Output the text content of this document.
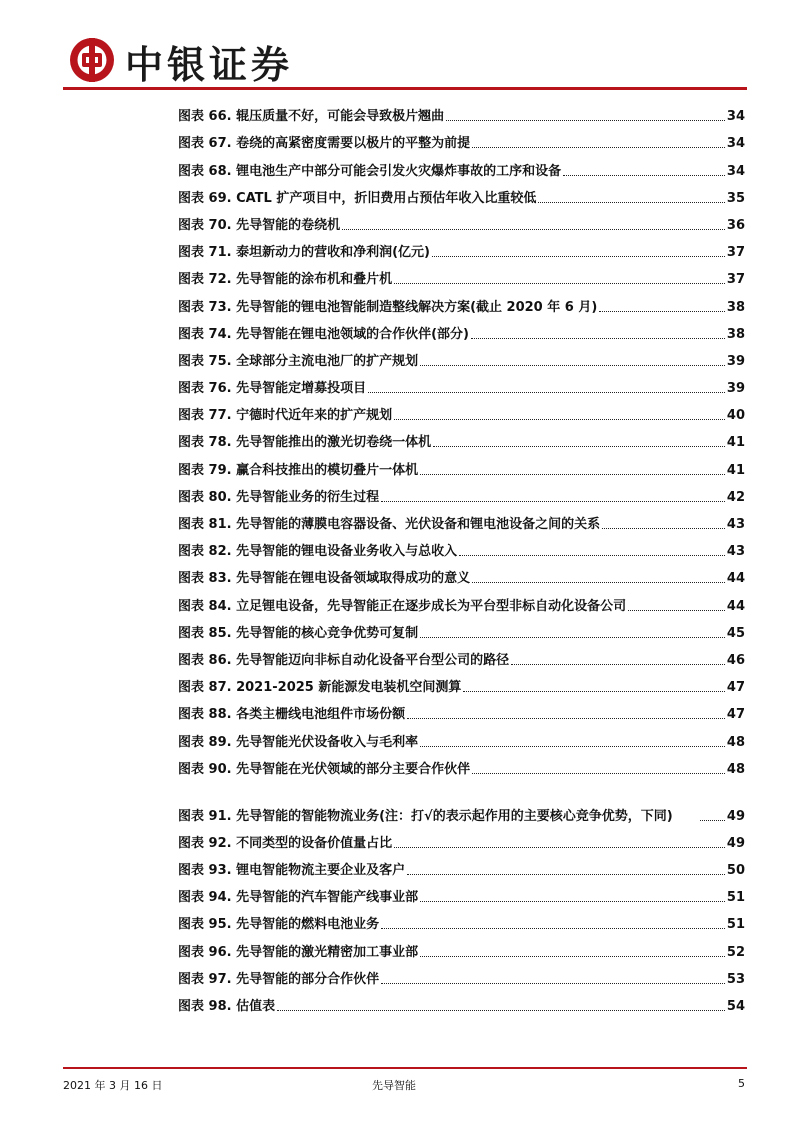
中银证券
图表 66. 辊压质量不好，可能会导致极片翘曲	34
图表 67. 卷绕的高紧密度需要以极片的平整为前提	34
图表 68. 锂电池生产中部分可能会引发火灾爆炸事故的工序和设备	34
图表 69. CATL 扩产项目中，折旧费用占预估年收入比重较低	35
图表 70. 先导智能的卷绕机	36
图表 71. 泰坦新动力的营收和净利润(亿元)	37
图表 72. 先导智能的涂布机和叠片机	37
图表 73. 先导智能的锂电池智能制造整线解决方案(截止 2020 年 6 月)	38
图表 74. 先导智能在锂电池领域的合作伙伴(部分)	38
图表 75. 全球部分主流电池厂的扩产规划	39
图表 76. 先导智能定增募投项目	39
图表 77. 宁德时代近年来的扩产规划	40
图表 78. 先导智能推出的激光切卷绕一体机	41
图表 79. 赢合科技推出的模切叠片一体机	41
图表 80. 先导智能业务的衍生过程	42
图表 81. 先导智能的薄膜电容器设备、光伏设备和锂电池设备之间的关系	43
图表 82. 先导智能的锂电设备业务收入与总收入	43
图表 83. 先导智能在锂电设备领域取得成功的意义	44
图表 84. 立足锂电设备，先导智能正在逐步成长为平台型非标自动化设备公司	44
图表 85. 先导智能的核心竞争优势可复制	45
图表 86. 先导智能迈向非标自动化设备平台型公司的路径	46
图表 87. 2021-2025 新能源发电装机空间测算	47
图表 88. 各类主栅线电池组件市场份额	47
图表 89. 先导智能光伏设备收入与毛利率	48
图表 90. 先导智能在光伏领域的部分主要合作伙伴	48
图表 91. 先导智能的智能物流业务(注：打√的表示起作用的主要核心竞争优势，下同)	49
图表 92. 不同类型的设备价值量占比	49
图表 93. 锂电智能物流主要企业及客户	50
图表 94. 先导智能的汽车智能产线事业部	51
图表 95. 先导智能的燃料电池业务	51
图表 96. 先导智能的激光精密加工事业部	52
图表 97. 先导智能的部分合作伙伴	53
图表 98. 估值表	54
2021 年 3 月 16 日	先导智能	5
